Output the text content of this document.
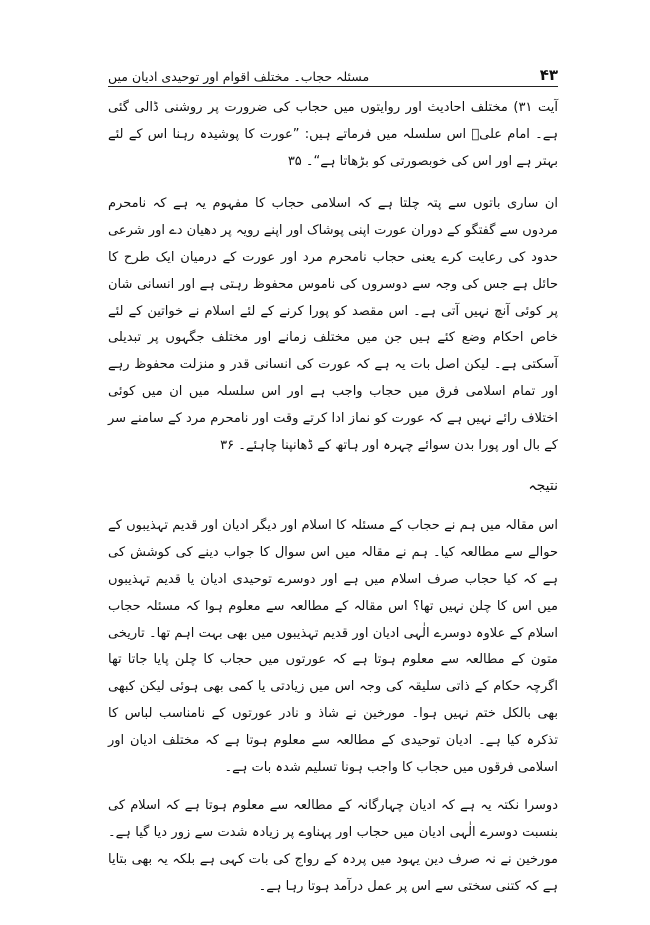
۴۳
مسئلہ حجاب۔ مختلف اقوام اور توحیدی ادیان میں

آیت ۳۱) مختلف احادیث اور روایتوں میں حجاب کی ضرورت پر روشنی ڈالی گئی ہے۔ امام علیؑ اس سلسلہ میں فرماتے ہیں: ”عورت کا پوشیدہ رہنا اس کے لئے بہتر ہے اور اس کی خوبصورتی کو بڑھاتا ہے“۔ ۳۵

ان ساری باتوں سے پتہ چلتا ہے کہ اسلامی حجاب کا مفہوم یہ ہے کہ نامحرم مردوں سے گفتگو کے دوران عورت اپنی پوشاک اور اپنے رویہ پر دھیان دے اور شرعی حدود کی رعایت کرے یعنی حجاب نامحرم مرد اور عورت کے درمیان ایک طرح کا حائل ہے جس کی وجہ سے دوسروں کی ناموس محفوظ رہتی ہے اور انسانی شان پر کوئی آنچ نہیں آتی ہے۔ اس مقصد کو پورا کرنے کے لئے اسلام نے خواتین کے لئے خاص احکام وضع کئے ہیں جن میں مختلف زمانے اور مختلف جگہوں پر تبدیلی آسکتی ہے۔ لیکن اصل بات یہ ہے کہ عورت کی انسانی قدر و منزلت محفوظ رہے اور تمام اسلامی فرق میں حجاب واجب ہے اور اس سلسلہ میں ان میں کوئی اختلاف رائے نہیں ہے کہ عورت کو نماز ادا کرتے وقت اور نامحرم مرد کے سامنے سر کے بال اور پورا بدن سوائے چہرہ اور ہاتھ کے ڈھانپنا چاہئے۔ ۳۶

نتیجہ

اس مقالہ میں ہم نے حجاب کے مسئلہ کا اسلام اور دیگر ادیان اور قدیم تہذیبوں کے حوالے سے مطالعہ کیا۔ ہم نے مقالہ میں اس سوال کا جواب دینے کی کوشش کی ہے کہ کیا حجاب صرف اسلام میں ہے اور دوسرے توحیدی ادیان یا قدیم تہذیبوں میں اس کا چلن نہیں تھا؟ اس مقالہ کے مطالعہ سے معلوم ہوا کہ مسئلہ حجاب اسلام کے علاوہ دوسرے الٰہی ادیان اور قدیم تہذیبوں میں بھی بہت اہم تھا۔ تاریخی متون کے مطالعہ سے معلوم ہوتا ہے کہ عورتوں میں حجاب کا چلن پایا جاتا تھا اگرچہ حکام کے ذاتی سلیقہ کی وجہ اس میں زیادتی یا کمی بھی ہوئی لیکن کبھی بھی بالکل ختم نہیں ہوا۔ مورخین نے شاذ و نادر عورتوں کے نامناسب لباس کا تذکرہ کیا ہے۔ ادیان توحیدی کے مطالعہ سے معلوم ہوتا ہے کہ مختلف ادیان اور اسلامی فرقوں میں حجاب کا واجب ہونا تسلیم شدہ بات ہے۔

دوسرا نکتہ یہ ہے کہ ادیان چہارگانہ کے مطالعہ سے معلوم ہوتا ہے کہ اسلام کی بنسبت دوسرے الٰہی ادیان میں حجاب اور پہناوے پر زیادہ شدت سے زور دیا گیا ہے۔ مورخین نے نہ صرف دین یہود میں پردہ کے رواج کی بات کہی ہے بلکہ یہ بھی بتایا ہے کہ کتنی سختی سے اس پر عمل درآمد ہوتا رہا ہے۔
